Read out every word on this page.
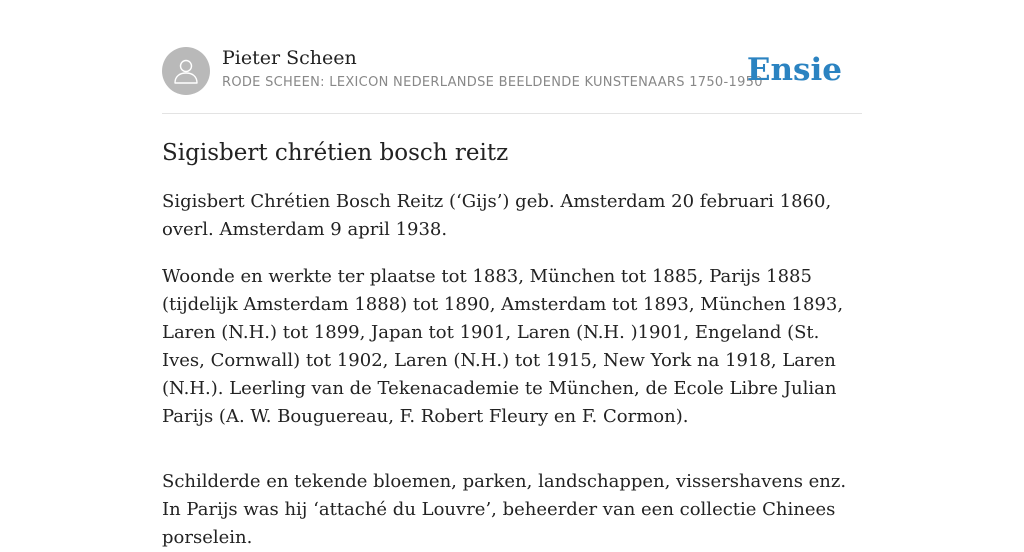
Pieter Scheen
RODE SCHEEN: LEXICON NEDERLANDSE BEELDENDE KUNSTENAARS 1750-1950
Ensie
Sigisbert chrétien bosch reitz

Sigisbert Chrétien Bosch Reitz (‘Gijs’) geb. Amsterdam 20 februari 1860, overl. Amsterdam 9 april 1938.

Woonde en werkte ter plaatse tot 1883, München tot 1885, Parijs 1885 (tijdelijk Amsterdam 1888) tot 1890, Amsterdam tot 1893, München 1893, Laren (N.H.) tot 1899, Japan tot 1901, Laren (N.H. )1901, Engeland (St. Ives, Cornwall) tot 1902, Laren (N.H.) tot 1915, New York na 1918, Laren (N.H.). Leerling van de Tekenacademie te München, de Ecole Libre Julian Parijs (A. W. Bouguereau, F. Robert Fleury en F. Cormon).

Schilderde en tekende bloemen, parken, landschappen, vissershavens enz. In Parijs was hij ‘attaché du Louvre’, beheerder van een collectie Chinees porselein.
